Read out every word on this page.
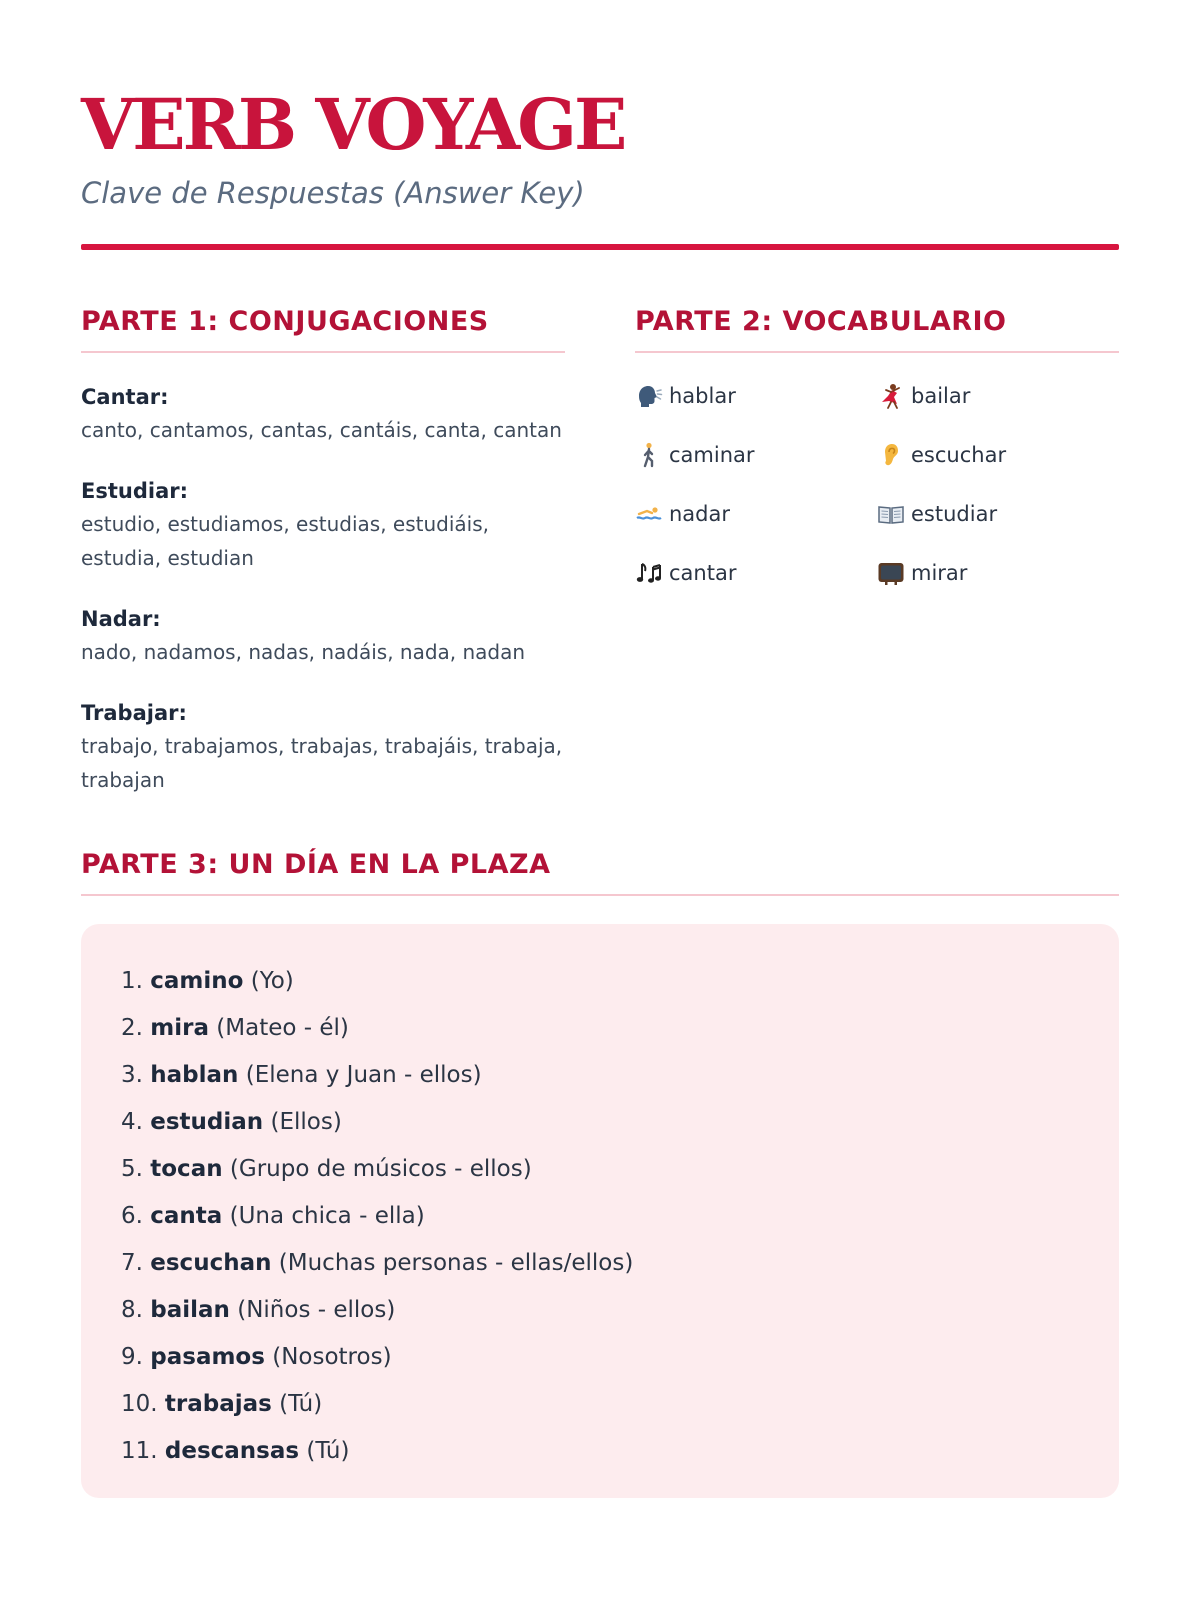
VERB VOYAGE
Clave de Respuestas (Answer Key)
PARTE 1: CONJUGACIONES
Cantar:
canto, cantamos, cantas, cantáis, canta, cantan
Estudiar:
estudio, estudiamos, estudias, estudiáis, estudia, estudian
Nadar:
nado, nadamos, nadas, nadáis, nada, nadan
Trabajar:
trabajo, trabajamos, trabajas, trabajáis, trabaja, trabajan
PARTE 2: VOCABULARIO
hablar	bailar
caminar	escuchar
nadar	estudiar
cantar	mirar
PARTE 3: UN DÍA EN LA PLAZA
1. camino (Yo)
2. mira (Mateo - él)
3. hablan (Elena y Juan - ellos)
4. estudian (Ellos)
5. tocan (Grupo de músicos - ellos)
6. canta (Una chica - ella)
7. escuchan (Muchas personas - ellas/ellos)
8. bailan (Niños - ellos)
9. pasamos (Nosotros)
10. trabajas (Tú)
11. descansas (Tú)
